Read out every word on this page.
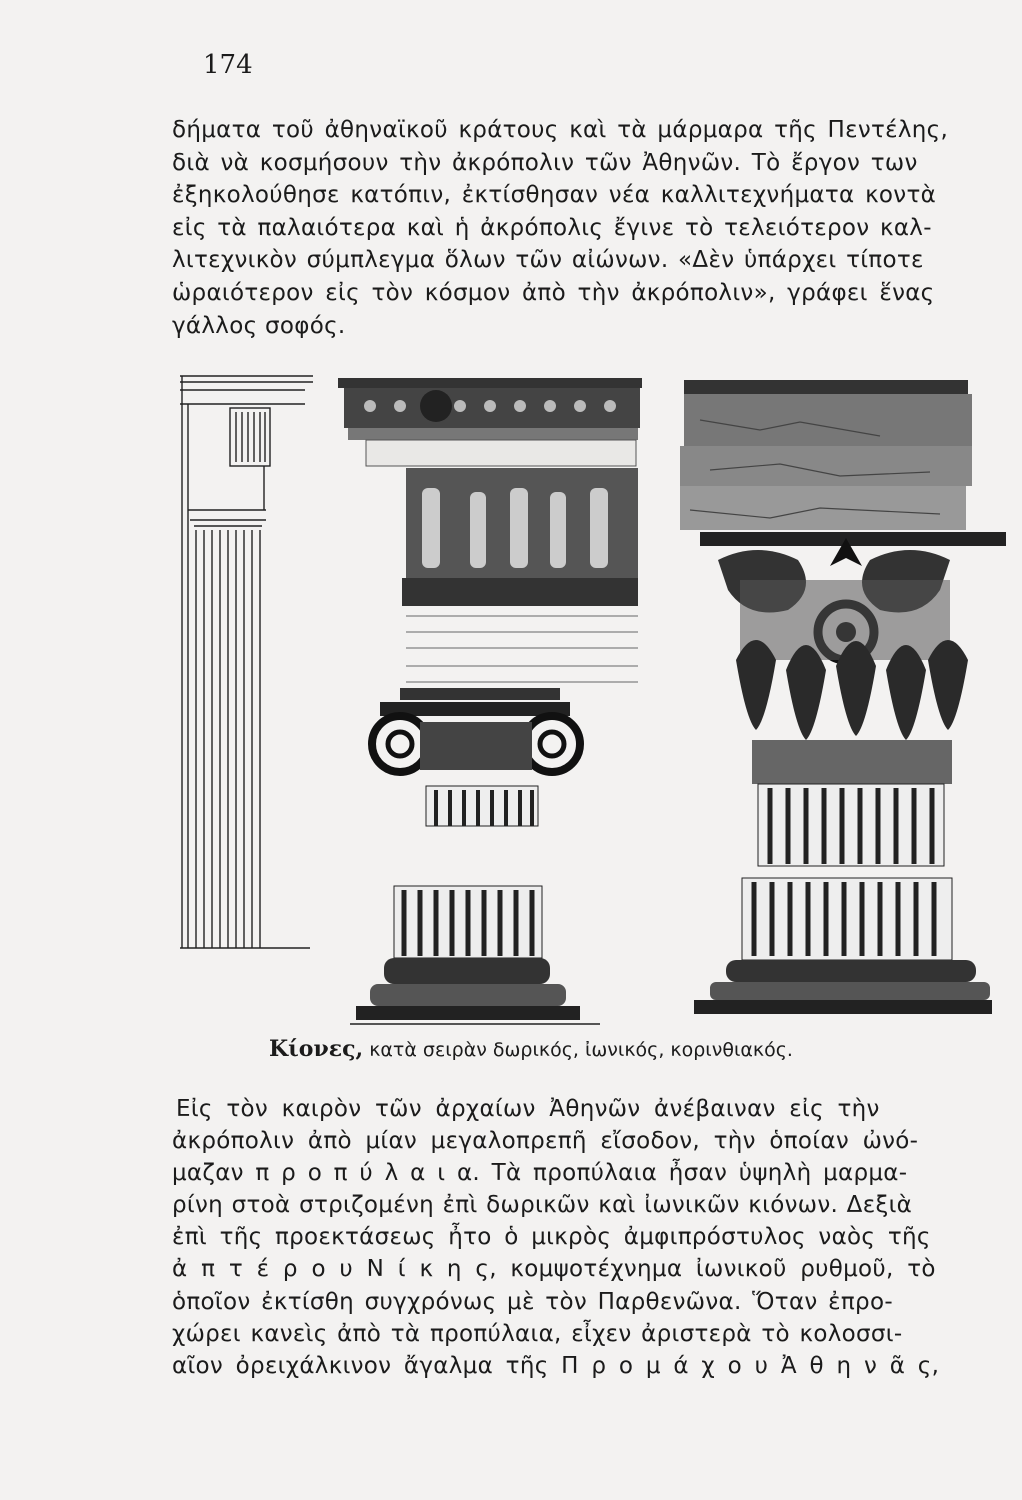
174
δήματα τοῦ ἀθηναϊκοῦ κράτους καὶ τὰ μάρμαρα τῆς Πεντέλης,
διὰ νὰ κοσμήσουν τὴν ἀκρόπολιν τῶν Ἀθηνῶν. Τὸ ἔργον των
ἐξηκολούθησε κατόπιν, ἐκτίσθησαν νέα καλλιτεχνήματα κοντὰ
εἰς τὰ παλαιότερα καὶ ἡ ἀκρόπολις ἔγινε τὸ τελειότερον καλ-
λιτεχνικὸν σύμπλεγμα ὅλων τῶν αἰώνων. «Δὲν ὑπάρχει τίποτε
ὡραιότερον εἰς τὸν κόσμον ἀπὸ τὴν ἀκρόπολιν», γράφει ἕνας
γάλλος σοφός.
Κίονες, κατὰ σειρὰν δωρικός, ἰωνικός, κορινθιακός.
Εἰς τὸν καιρὸν τῶν ἀρχαίων Ἀθηνῶν ἀνέβαιναν εἰς τὴν
ἀκρόπολιν ἀπὸ μίαν μεγαλοπρεπῆ εἴσοδον, τὴν ὁποίαν ὠνό-
μαζαν π ρ ο π ύ λ α ι α. Τὰ προπύλαια ἦσαν ὑψηλὴ μαρμα-
ρίνη στοὰ στριζομένη ἐπὶ δωρικῶν καὶ ἰωνικῶν κιόνων. Δεξιὰ
ἐπὶ τῆς προεκτάσεως ἦτο ὁ μικρὸς ἀμφιπρόστυλος ναὸς τῆς
ἀ π τ έ ρ ο υ Ν ί κ η ς, κομψοτέχνημα ἰωνικοῦ ρυθμοῦ, τὸ
ὁποῖον ἐκτίσθη συγχρόνως μὲ τὸν Παρθενῶνα. Ὅταν ἐπρο-
χώρει κανεὶς ἀπὸ τὰ προπύλαια, εἶχεν ἀριστερὰ τὸ κολοσσι-
αῖον ὀρειχάλκινον ἄγαλμα τῆς Π ρ ο μ ά χ ο υ Ἀ θ η ν ᾶ ς,
